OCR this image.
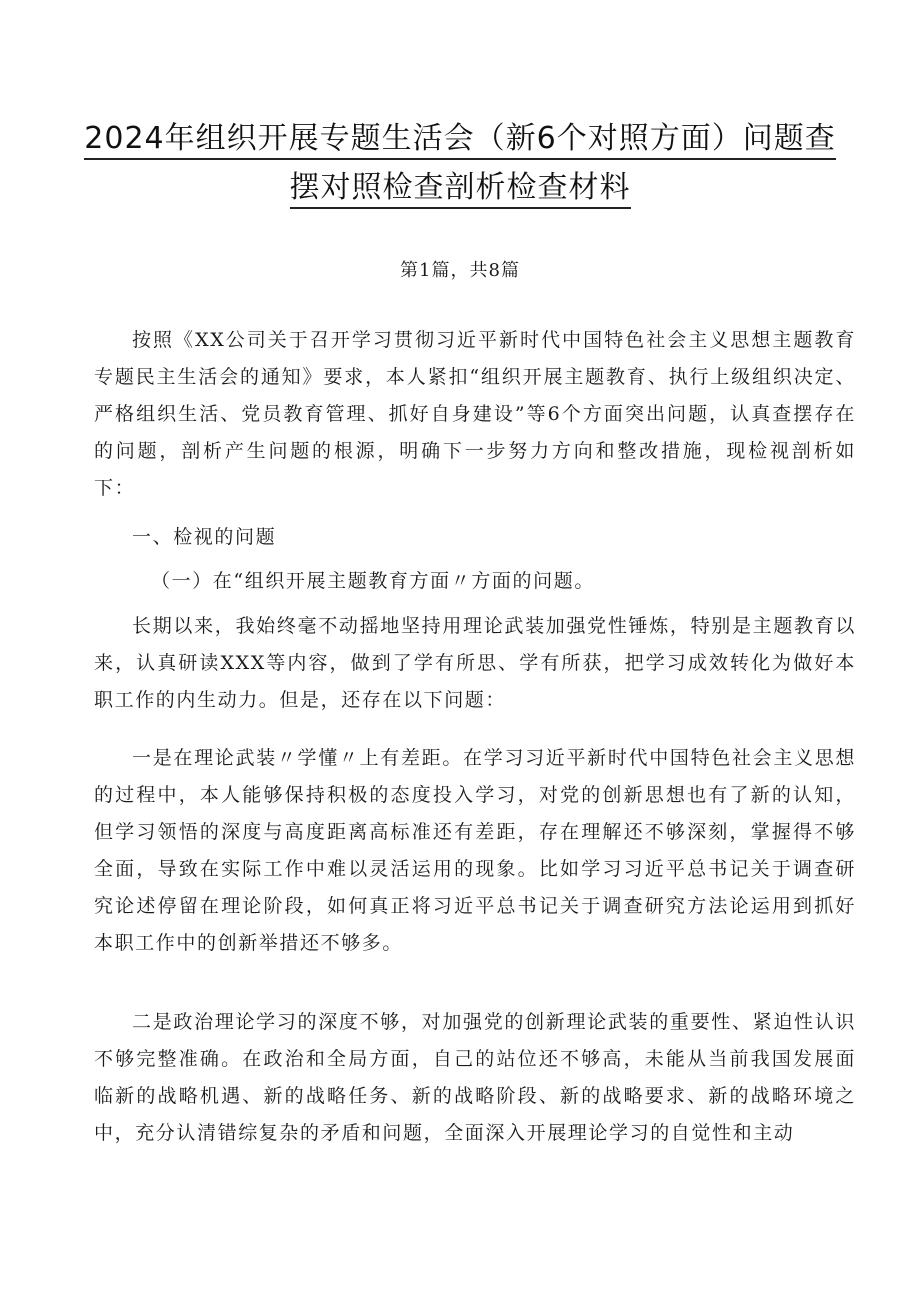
2024年组织开展专题生活会（新6个对照方面）问题查
摆对照检查剖析检查材料
第1篇，共8篇

按照《XX公司关于召开学习贯彻习近平新时代中国特色社会主义思想主题教育专题民主生活会的通知》要求，本人紧扣“组织开展主题教育、执行上级组织决定、严格组织生活、党员教育管理、抓好自身建设”等6个方面突出问题，认真查摆存在的问题，剖析产生问题的根源，明确下一步努力方向和整改措施，现检视剖析如下：

一、检视的问题

（一）在“组织开展主题教育方面〃方面的问题。

长期以来，我始终毫不动摇地坚持用理论武装加强党性锤炼，特别是主题教育以来，认真研读XXX等内容，做到了学有所思、学有所获，把学习成效转化为做好本职工作的内生动力。但是，还存在以下问题：

一是在理论武装〃学懂〃上有差距。在学习习近平新时代中国特色社会主义思想的过程中，本人能够保持积极的态度投入学习，对党的创新思想也有了新的认知，但学习领悟的深度与高度距离高标准还有差距，存在理解还不够深刻，掌握得不够全面，导致在实际工作中难以灵活运用的现象。比如学习习近平总书记关于调查研究论述停留在理论阶段，如何真正将习近平总书记关于调查研究方法论运用到抓好本职工作中的创新举措还不够多。

二是政治理论学习的深度不够，对加强党的创新理论武装的重要性、紧迫性认识不够完整准确。在政治和全局方面，自己的站位还不够高，未能从当前我国发展面临新的战略机遇、新的战略任务、新的战略阶段、新的战略要求、新的战略环境之中，充分认清错综复杂的矛盾和问题，全面深入开展理论学习的自觉性和主动
